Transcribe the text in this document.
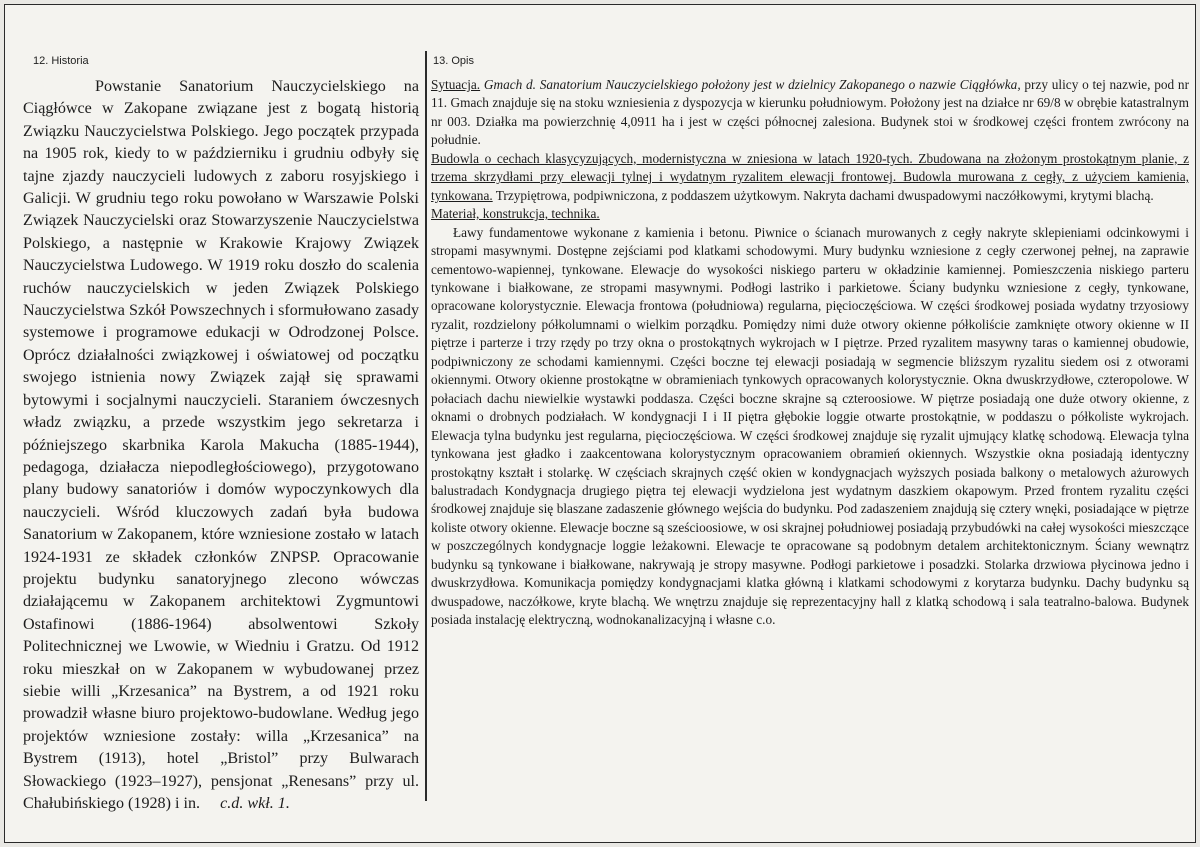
12. Historia	13. Opis

Powstanie Sanatorium Nauczycielskiego na Ciągłówce w Zakopane związane jest z bogatą historią Związku Nauczycielstwa Polskiego. Jego początek przypada na 1905 rok, kiedy to w październiku i grudniu odbyły się tajne zjazdy nauczycieli ludowych z zaboru rosyjskiego i Galicji. W grudniu tego roku powołano w Warszawie Polski Związek Nauczycielski oraz Stowarzyszenie Nauczycielstwa Polskiego, a następnie w Krakowie Krajowy Związek Nauczycielstwa Ludowego. W 1919 roku doszło do scalenia ruchów nauczycielskich w jeden Związek Polskiego Nauczycielstwa Szkół Powszechnych i sformułowano zasady systemowe i programowe edukacji w Odrodzonej Polsce. Oprócz działalności związkowej i oświatowej od początku swojego istnienia nowy Związek zajął się sprawami bytowymi i socjalnymi nauczycieli. Staraniem ówczesnych władz związku, a przede wszystkim jego sekretarza i późniejszego skarbnika Karola Makucha (1885-1944), pedagoga, działacza niepodległościowego), przygotowano plany budowy sanatoriów i domów wypoczynkowych dla nauczycieli. Wśród kluczowych zadań była budowa Sanatorium w Zakopanem, które wzniesione zostało w latach 1924-1931 ze składek członków ZNPSP. Opracowanie projektu budynku sanatoryjnego zlecono wówczas działającemu w Zakopanem architektowi Zygmuntowi Ostafinowi (1886-1964) absolwentowi Szkoły Politechnicznej we Lwowie, w Wiedniu i Gratzu. Od 1912 roku mieszkał on w Zakopanem w wybudowanej przez siebie willi „Krzesanica” na Bystrem, a od 1921 roku prowadził własne biuro projektowo-budowlane. Według jego projektów wzniesione zostały: willa „Krzesanica” na Bystrem (1913), hotel „Bristol” przy Bulwarach Słowackiego (1923–1927), pensjonat „Renesans” przy ul. Chałubińskiego (1928) i in. c.d. wkł. 1.

Sytuacja. Gmach d. Sanatorium Nauczycielskiego położony jest w dzielnicy Zakopanego o nazwie Ciągłówka, przy ulicy o tej nazwie, pod nr 11. Gmach znajduje się na stoku wzniesienia z dyspozycja w kierunku południowym. Położony jest na działce nr 69/8 w obrębie katastralnym nr 003. Działka ma powierzchnię 4,0911 ha i jest w części północnej zalesiona. Budynek stoi w środkowej części frontem zwrócony na południe.

Budowla o cechach klasycyzujących, modernistyczna w zniesiona w latach 1920-tych. Zbudowana na złożonym prostokątnym planie, z trzema skrzydłami przy elewacji tylnej i wydatnym ryzalitem elewacji frontowej. Budowla murowana z cegły, z użyciem kamienia, tynkowana. Trzypiętrowa, podpiwniczona, z poddaszem użytkowym. Nakryta dachami dwuspadowymi naczółkowymi, krytymi blachą.

Materiał, konstrukcja, technika.

Ławy fundamentowe wykonane z kamienia i betonu. Piwnice o ścianach murowanych z cegły nakryte sklepieniami odcinkowymi i stropami masywnymi. Dostępne zejściami pod klatkami schodowymi. Mury budynku wzniesione z cegły czerwonej pełnej, na zaprawie cementowo-wapiennej, tynkowane. Elewacje do wysokości niskiego parteru w okładzinie kamiennej. Pomieszczenia niskiego parteru tynkowane i białkowane, ze stropami masywnymi. Podłogi lastriko i parkietowe. Ściany budynku wzniesione z cegły, tynkowane, opracowane kolorystycznie. Elewacja frontowa (południowa) regularna, pięcioczęściowa. W części środkowej posiada wydatny trzyosiowy ryzalit, rozdzielony półkolumnami o wielkim porządku. Pomiędzy nimi duże otwory okienne półkoliście zamknięte otwory okienne w II piętrze i parterze i trzy rzędy po trzy okna o prostokątnych wykrojach w I piętrze. Przed ryzalitem masywny taras o kamiennej obudowie, podpiwniczony ze schodami kamiennymi. Części boczne tej elewacji posiadają w segmencie bliższym ryzalitu siedem osi z otworami okiennymi. Otwory okienne prostokątne w obramieniach tynkowych opracowanych kolorystycznie. Okna dwuskrzydłowe, czteropolowe. W połaciach dachu niewielkie wystawki poddasza. Części boczne skrajne są czteroosiowe. W piętrze posiadają one duże otwory okienne, z oknami o drobnych podziałach. W kondygnacji I i II piętra głębokie loggie otwarte prostokątnie, w poddaszu o półkoliste wykrojach. Elewacja tylna budynku jest regularna, pięcioczęściowa. W części środkowej znajduje się ryzalit ujmujący klatkę schodową. Elewacja tylna tynkowana jest gładko i zaakcentowana kolorystycznym opracowaniem obramień okiennych. Wszystkie okna posiadają identyczny prostokątny kształt i stolarkę. W częściach skrajnych część okien w kondygnacjach wyższych posiada balkony o metalowych ażurowych balustradach Kondygnacja drugiego piętra tej elewacji wydzielona jest wydatnym daszkiem okapowym. Przed frontem ryzalitu części środkowej znajduje się blaszane zadaszenie głównego wejścia do budynku. Pod zadaszeniem znajdują się cztery wnęki, posiadające w piętrze koliste otwory okienne. Elewacje boczne są sześcioosiowe, w osi skrajnej południowej posiadają przybudówki na całej wysokości mieszczące w poszczególnych kondygnacje loggie leżakowni. Elewacje te opracowane są podobnym detalem architektonicznym. Ściany wewnątrz budynku są tynkowane i białkowane, nakrywają je stropy masywne. Podłogi parkietowe i posadzki. Stolarka drzwiowa płycinowa jedno i dwuskrzydłowa. Komunikacja pomiędzy kondygnacjami klatka główną i klatkami schodowymi z korytarza budynku. Dachy budynku są dwuspadowe, naczółkowe, kryte blachą. We wnętrzu znajduje się reprezentacyjny hall z klatką schodową i sala teatralno-balowa. Budynek posiada instalację elektryczną, wodnokanalizacyjną i własne c.o.
